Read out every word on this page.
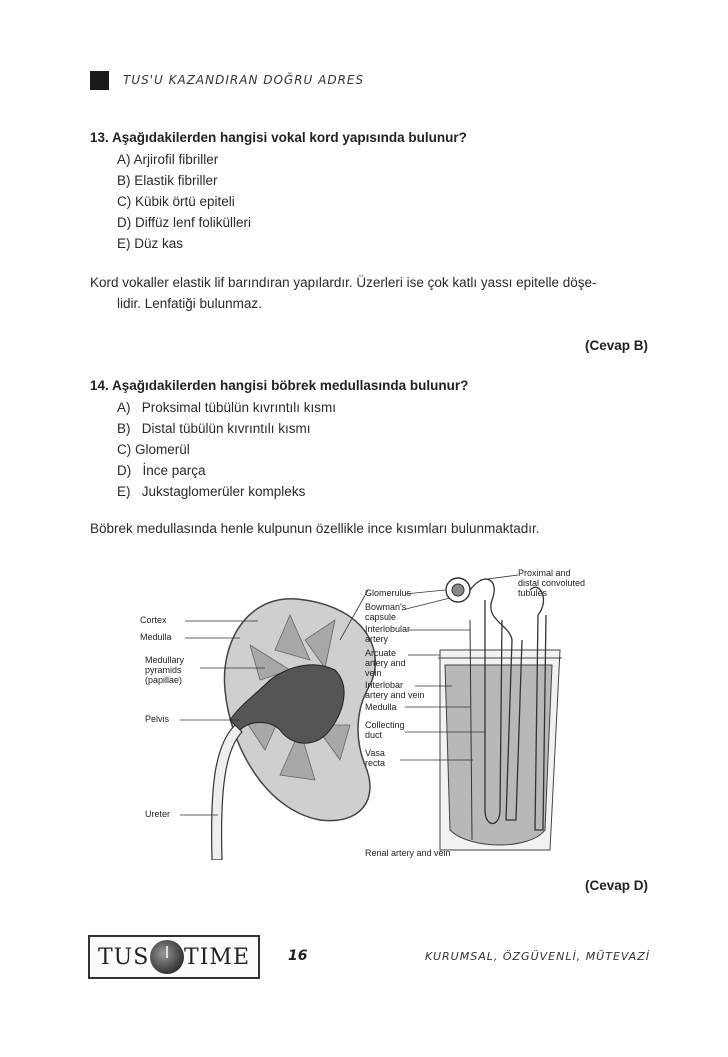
TUS'U KAZANDIRAN DOĞRU ADRES
13. Aşağıdakilerden hangisi vokal kord yapısında bulunur?
A) Arjirofil fibriller
B) Elastik fibriller
C) Kübik örtü epiteli
D) Diffüz lenf folikülleri
E) Düz kas
Kord vokaller elastik lif barındıran yapılardır. Üzerleri ise çok katlı yassı epitelle döşe-
lidir. Lenfatiği bulunmaz.
(Cevap B)
14. Aşağıdakilerden hangisi böbrek medullasında bulunur?
A)   Proksimal tübülün kıvrıntılı kısmı
B)   Distal tübülün kıvrıntılı kısmı
C) Glomerül
D)   İnce parça
E)   Jukstaglomerüler kompleks
Böbrek medullasında henle kulpunun özellikle ince kısımları bulunmaktadır.
Cortex
Medulla
Medullary
pyramids
(papillae)
Pelvis
Ureter
Glomerulus
Bowman's
capsule
Interlobular
artery
Arcuate
artery and
vein
Interlobar
artery and vein
Medulla
Collecting
duct
Vasa
recta
Renal artery and vein
Proximal and
distal convoluted
tubules
(Cevap D)
TUS TIME	16	KURUMSAL, ÖZGÜVENLİ, MÜTEVAZİ
